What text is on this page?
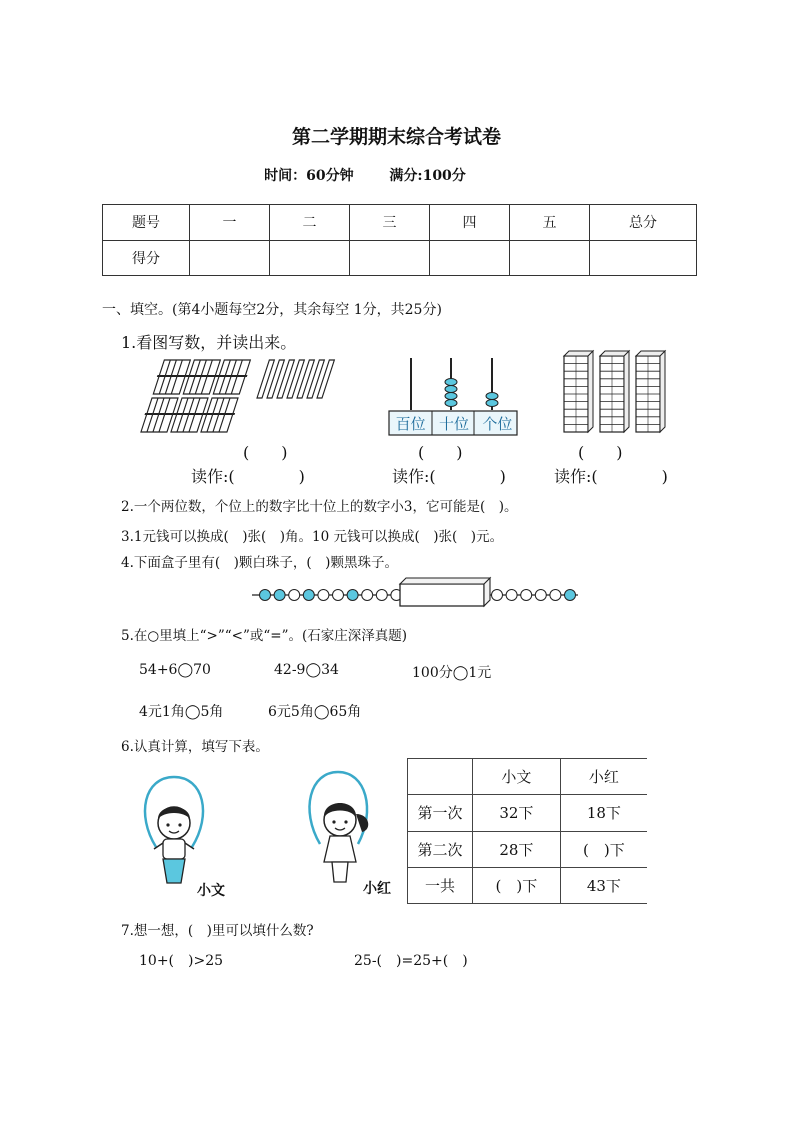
第二学期期末综合考试卷
时间：60分钟	满分:100分
题号	一	二	三	四	五	总分
得分						
一、填空。(第4小题每空2分，其余每空 1分，共25分)
1.看图写数，并读出来。
(　　)
读作:(　　　　)
百位 十位 个位
(　　)
读作:(　　　　)
(　　)
读作:(　　　　)
2.一个两位数，个位上的数字比十位上的数字小3，它可能是(　)。
3.1元钱可以换成(　)张(　)角。10 元钱可以换成(　)张(　)元。
4.下面盒子里有(　)颗白珠子，(　)颗黑珠子。
5.在○里填上“>”“<”或“=”。(石家庄深泽真题)
54+6◯70	42-9◯34	100分◯1元
4元1角◯5角	6元5角◯65角
6.认真计算，填写下表。
小文	小红
	小文	小红
第一次	32下	18下
第二次	28下	(　)下
一共	(　)下	43下
7.想一想，(　)里可以填什么数?
10+(　)>25	25-(　)=25+(　)
